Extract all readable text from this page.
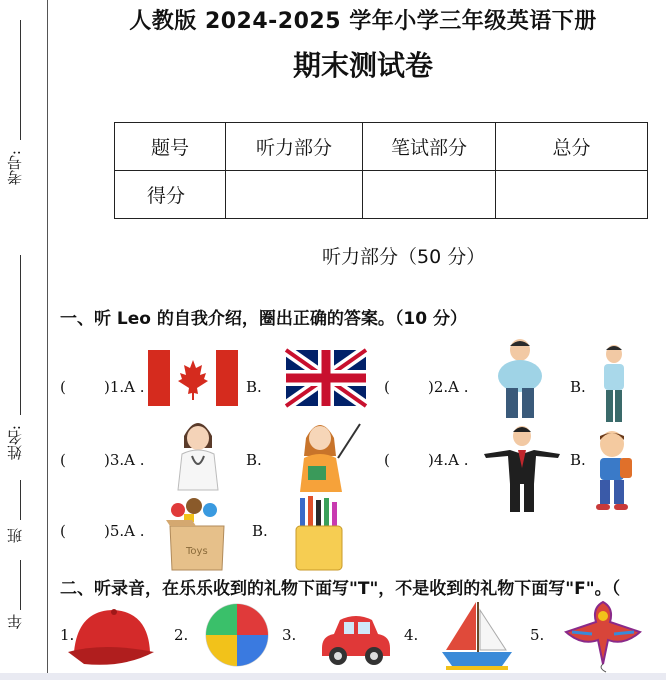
考号:
姓名:
班
年
人教版 2024-2025 学年小学三年级英语下册
期末测试卷
题号	听力部分	笔试部分	总分
得分			
听力部分（50 分）
一、听 Leo 的自我介绍，圈出正确的答案。（10 分）
(	)1.A .	B.	(	)2.A .	B.
(	)3.A .	B.	(	)4.A .	B.
(	)5.A .
Toys
B.
二、听录音，在乐乐收到的礼物下面写"T"，不是收到的礼物下面写"F"。（
1.	2.	3.	4.	5.
